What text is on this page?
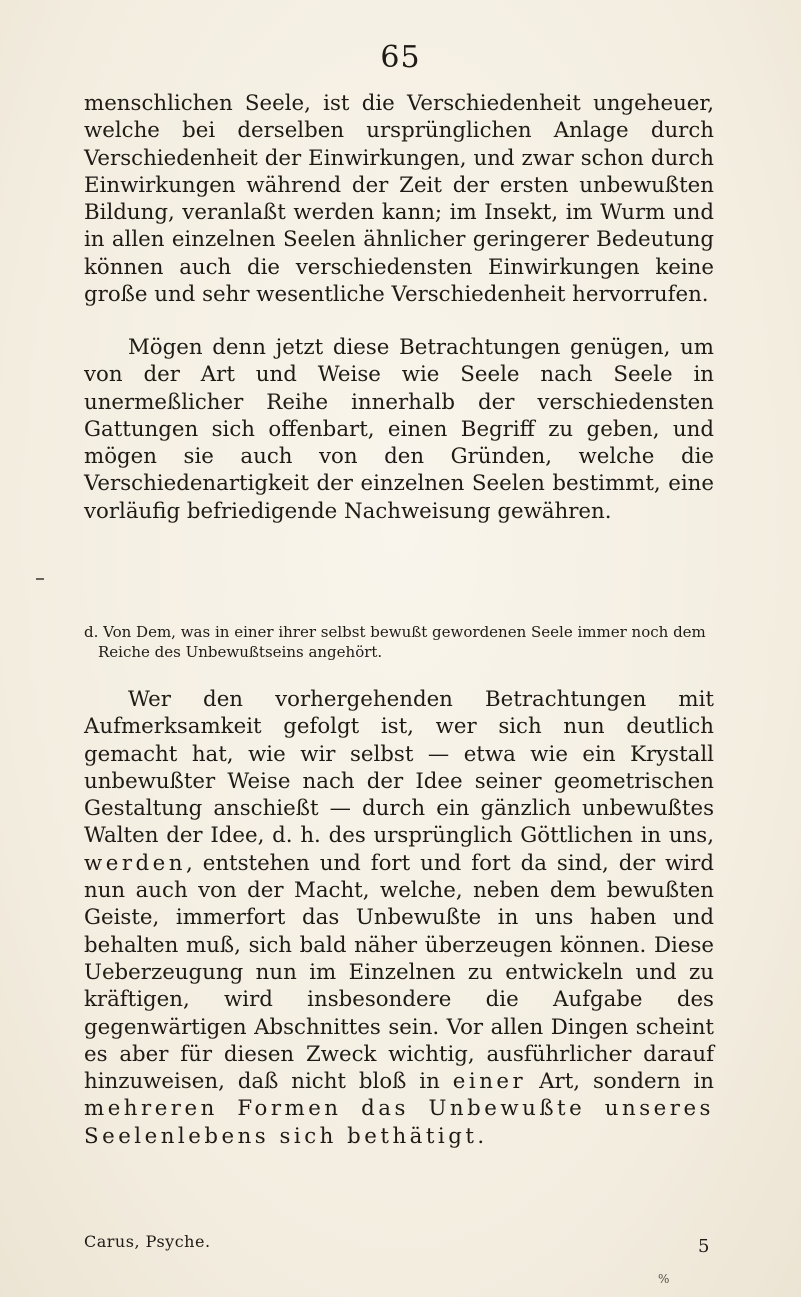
65

menschlichen Seele, ist die Verschiedenheit ungeheuer, welche bei derselben ursprünglichen Anlage durch Verschiedenheit der Einwirkungen, und zwar schon durch Einwirkungen während der Zeit der ersten unbewußten Bildung, veranlaßt werden kann; im Insekt, im Wurm und in allen einzelnen Seelen ähnlicher geringerer Bedeutung können auch die verschiedensten Einwirkungen keine große und sehr wesentliche Verschiedenheit hervorrufen.

Mögen denn jetzt diese Betrachtungen genügen, um von der Art und Weise wie Seele nach Seele in unermeßlicher Reihe innerhalb der verschiedensten Gattungen sich offenbart, einen Begriff zu geben, und mögen sie auch von den Gründen, welche die Verschiedenartigkeit der einzelnen Seelen bestimmt, eine vorläufig befriedigende Nachweisung gewähren.

d. Von Dem, was in einer ihrer selbst bewußt gewordenen Seele immer noch dem Reiche des Unbewußtseins angehört.

Wer den vorhergehenden Betrachtungen mit Aufmerksamkeit gefolgt ist, wer sich nun deutlich gemacht hat, wie wir selbst — etwa wie ein Krystall unbewußter Weise nach der Idee seiner geometrischen Gestaltung anschießt — durch ein gänzlich unbewußtes Walten der Idee, d. h. des ursprünglich Göttlichen in uns, werden, entstehen und fort und fort da sind, der wird nun auch von der Macht, welche, neben dem bewußten Geiste, immerfort das Unbewußte in uns haben und behalten muß, sich bald näher überzeugen können. Diese Ueberzeugung nun im Einzelnen zu entwickeln und zu kräftigen, wird insbesondere die Aufgabe des gegenwärtigen Abschnittes sein. Vor allen Dingen scheint es aber für diesen Zweck wichtig, ausführlicher darauf hinzuweisen, daß nicht bloß in einer Art, sondern in mehreren Formen das Unbewußte unseres Seelenlebens sich bethätigt.

Carus, Psyche.	5
%
